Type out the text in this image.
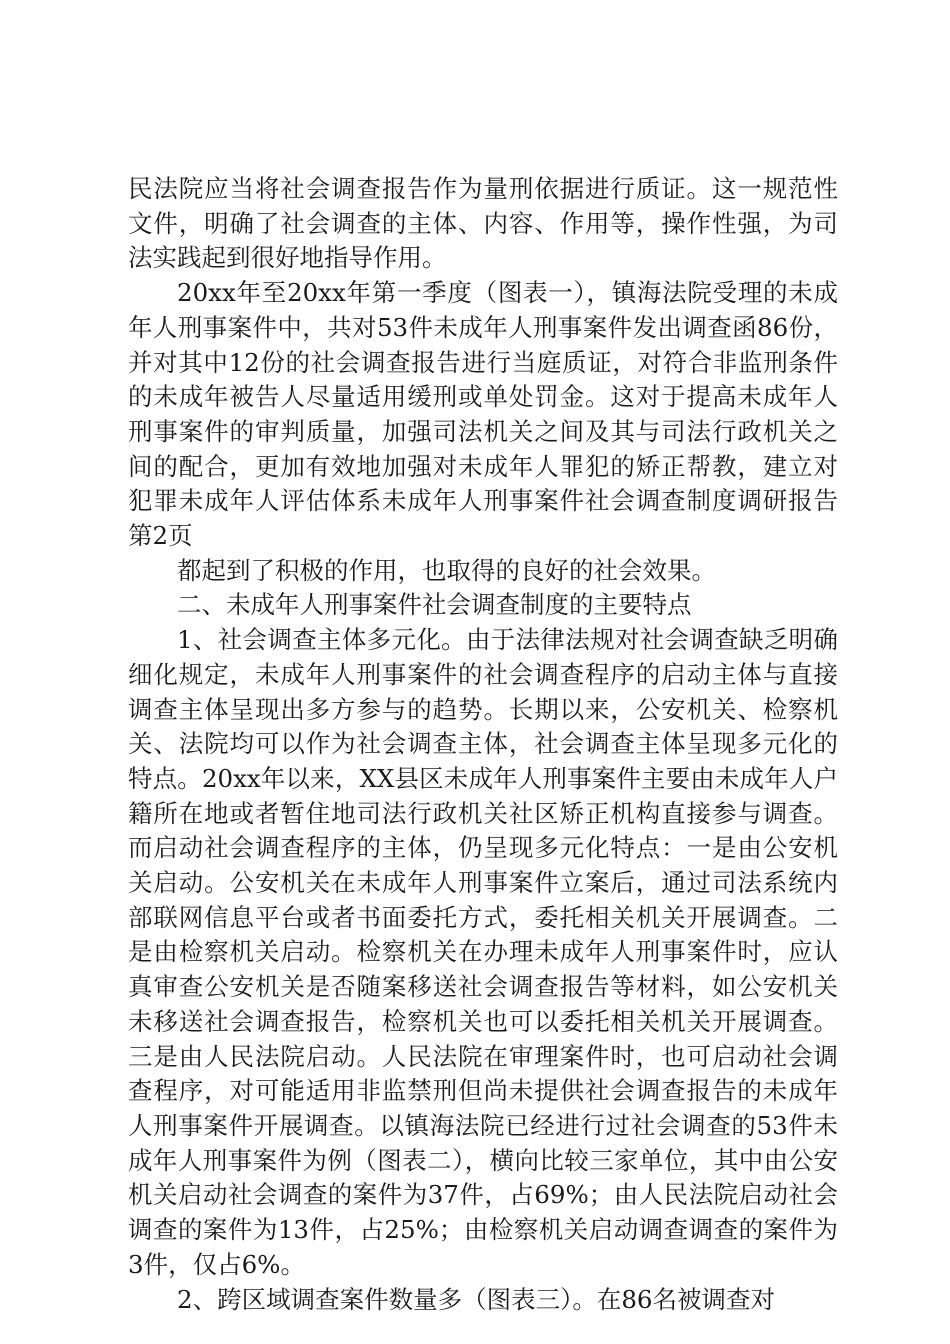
民法院应当将社会调查报告作为量刑依据进行质证。这一规范性文件，明确了社会调查的主体、内容、作用等，操作性强，为司法实践起到很好地指导作用。

20xx年至20xx年第一季度（图表一），镇海法院受理的未成年人刑事案件中，共对53件未成年人刑事案件发出调查函86份，并对其中12份的社会调查报告进行当庭质证，对符合非监刑条件的未成年被告人尽量适用缓刑或单处罚金。这对于提高未成年人刑事案件的审判质量，加强司法机关之间及其与司法行政机关之间的配合，更加有效地加强对未成年人罪犯的矫正帮教，建立对犯罪未成年人评估体系未成年人刑事案件社会调查制度调研报告第2页

都起到了积极的作用，也取得的良好的社会效果。

二、未成年人刑事案件社会调查制度的主要特点

1、社会调查主体多元化。由于法律法规对社会调查缺乏明确细化规定，未成年人刑事案件的社会调查程序的启动主体与直接调查主体呈现出多方参与的趋势。长期以来，公安机关、检察机关、法院均可以作为社会调查主体，社会调查主体呈现多元化的特点。20xx年以来，XX县区未成年人刑事案件主要由未成年人户籍所在地或者暂住地司法行政机关社区矫正机构直接参与调查。而启动社会调查程序的主体，仍呈现多元化特点：一是由公安机关启动。公安机关在未成年人刑事案件立案后，通过司法系统内部联网信息平台或者书面委托方式，委托相关机关开展调查。二是由检察机关启动。检察机关在办理未成年人刑事案件时，应认真审查公安机关是否随案移送社会调查报告等材料，如公安机关未移送社会调查报告，检察机关也可以委托相关机关开展调查。三是由人民法院启动。人民法院在审理案件时，也可启动社会调查程序，对可能适用非监禁刑但尚未提供社会调查报告的未成年人刑事案件开展调查。以镇海法院已经进行过社会调查的53件未成年人刑事案件为例（图表二），横向比较三家单位，其中由公安机关启动社会调查的案件为37件，占69%；由人民法院启动社会调查的案件为13件，占25%；由检察机关启动调查调查的案件为3件，仅占6%。

2、跨区域调查案件数量多（图表三）。在86名被调查对
